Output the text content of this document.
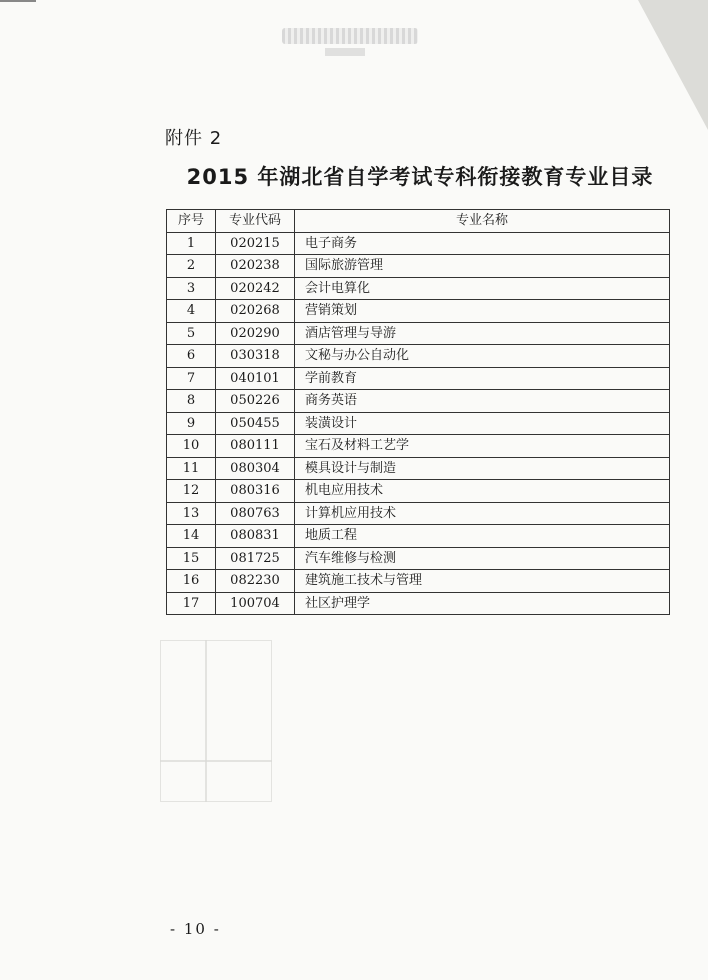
附件 2
2015 年湖北省自学考试专科衔接教育专业目录
序号	专业代码	专业名称
1	020215	电子商务
2	020238	国际旅游管理
3	020242	会计电算化
4	020268	营销策划
5	020290	酒店管理与导游
6	030318	文秘与办公自动化
7	040101	学前教育
8	050226	商务英语
9	050455	装潢设计
10	080111	宝石及材料工艺学
11	080304	模具设计与制造
12	080316	机电应用技术
13	080763	计算机应用技术
14	080831	地质工程
15	081725	汽车维修与检测
16	082230	建筑施工技术与管理
17	100704	社区护理学
- 10 -
